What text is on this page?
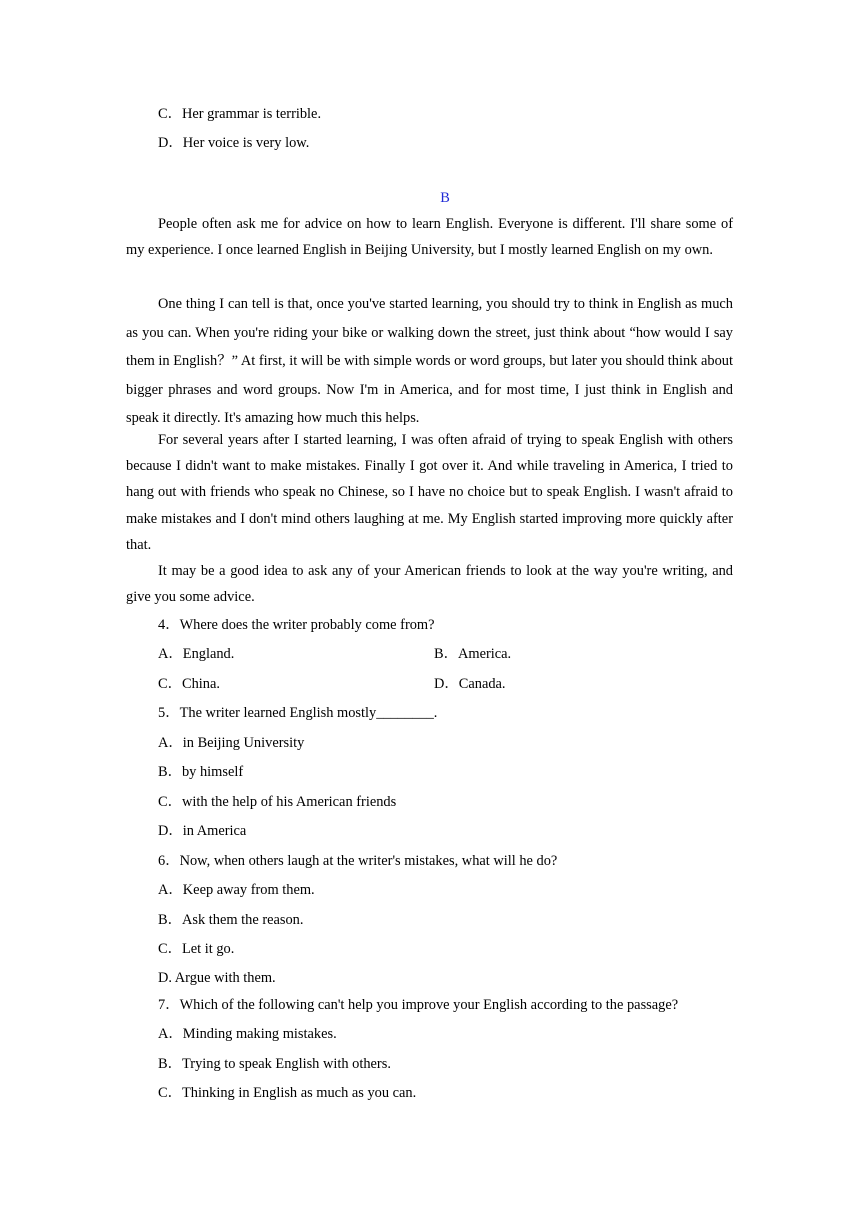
C．Her grammar is terrible.
D．Her voice is very low.
B
People often ask me for advice on how to learn English. Everyone is different. I'll share some of my experience. I once learned English in Beijing University, but I mostly learned English on my own.
One thing I can tell is that, once you've started learning, you should try to think in English as much as you can. When you're riding your bike or walking down the street, just think about “how would I say them in English？” At first, it will be with simple words or word groups, but later you should think about bigger phrases and word groups. Now I'm in America, and for most time, I just think in English and speak it directly. It's amazing how much this helps.
For several years after I started learning, I was often afraid of trying to speak English with others because I didn't want to make mistakes. Finally I got over it. And while traveling in America, I tried to hang out with friends who speak no Chinese, so I have no choice but to speak English. I wasn't afraid to make mistakes and I don't mind others laughing at me. My English started improving more quickly after that.
It may be a good idea to ask any of your American friends to look at the way you're writing, and give you some advice.
4．Where does the writer probably come from?
A．England.	B．America.
C．China.	D．Canada.
5．The writer learned English mostly________.
A．in Beijing University
B．by himself
C．with the help of his American friends
D．in America
6．Now, when others laugh at the writer's mistakes, what will he do?
A．Keep away from them.
B．Ask them the reason.
C．Let it go.
D. Argue with them.
7．Which of the following can't help you improve your English according to the passage?
A．Minding making mistakes.
B．Trying to speak English with others.
C．Thinking in English as much as you can.
